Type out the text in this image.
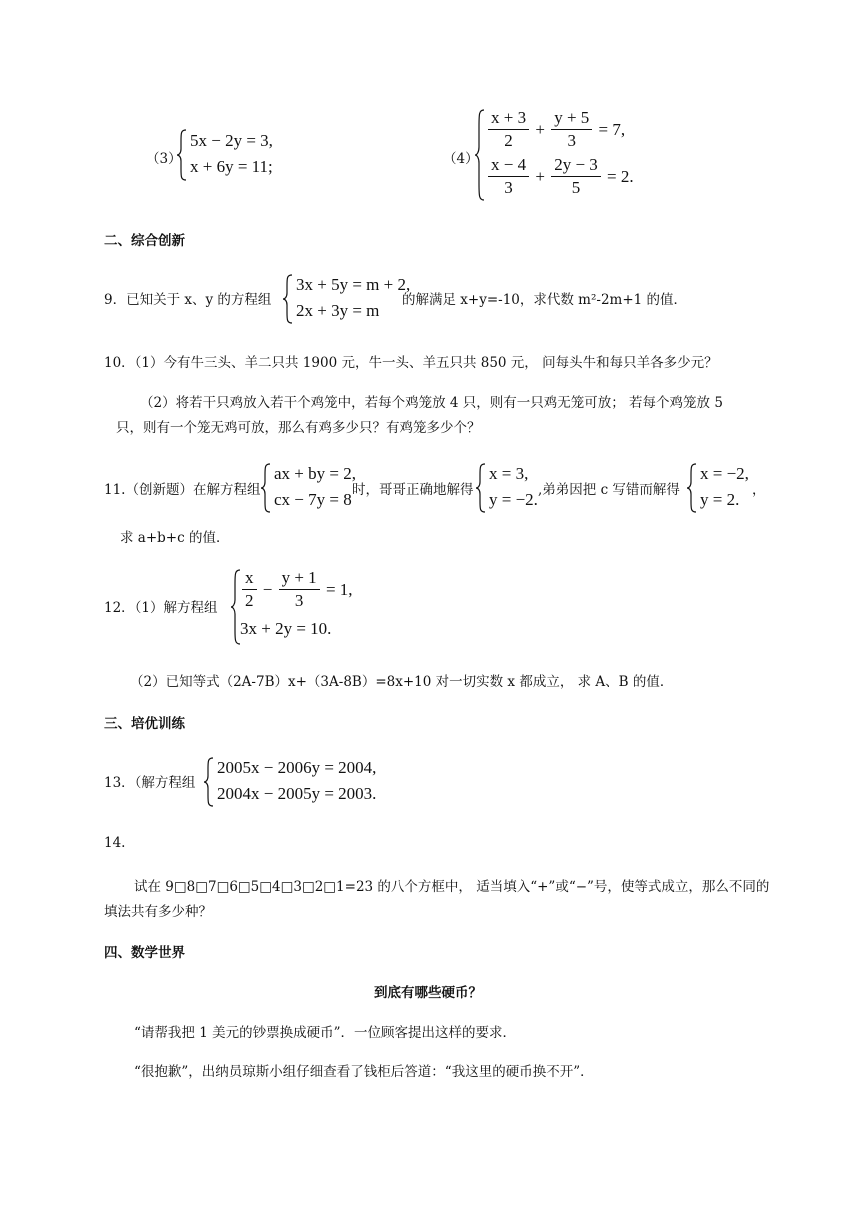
（3）
5x − 2y = 3,
x + 6y = 11;	（4）
$\frac{x + 3}{2} + \frac{y + 5}{3} = 7$,
$\frac{x - 4}{3} + \frac{2y - 3}{5} = 2$.
二、综合创新
9．已知关于 x、y 的方程组
3x + 5y = m + 2,
2x + 3y = m
的解满足 x+y=-10，求代数 m²-2m+1 的值．
10．（1）今有牛三头、羊二只共 1900 元，牛一头、羊五只共 850 元， 问每头牛和每只羊各多少元？
（2）将若干只鸡放入若干个鸡笼中，若每个鸡笼放 4 只，则有一只鸡无笼可放； 若每个鸡笼放 5
只，则有一个笼无鸡可放，那么有鸡多少只？有鸡笼多少个？
11.（创新题）在解方程组
ax + by = 2,
cx − 7y = 8 时，哥哥正确地解得
x = 3,
y = −2. ,弟弟因把 c 写错而解得
x = −2,
y = 2. ，
求 a+b+c 的值．
12．（1）解方程组 $\frac{x}{2} - \frac{y + 1}{3} = 1$,
3x + 2y = 10.
（2）已知等式（2A-7B）x+（3A-8B）=8x+10 对一切实数 x 都成立， 求 A、B 的值．
三、培优训练
13．（解方程组
2005x − 2006y = 2004,
2004x − 2005y = 2003.
14.
试在 9□8□7□6□5□4□3□2□1=23 的八个方框中， 适当填入“+”或“−”号，使等式成立，那么不同的
填法共有多少种？
四、数学世界
到底有哪些硬币？
“请帮我把 1 美元的钞票换成硬币”．一位顾客提出这样的要求．
“很抱歉”，出纳员琼斯小组仔细查看了钱柜后答道：“我这里的硬币换不开”．
